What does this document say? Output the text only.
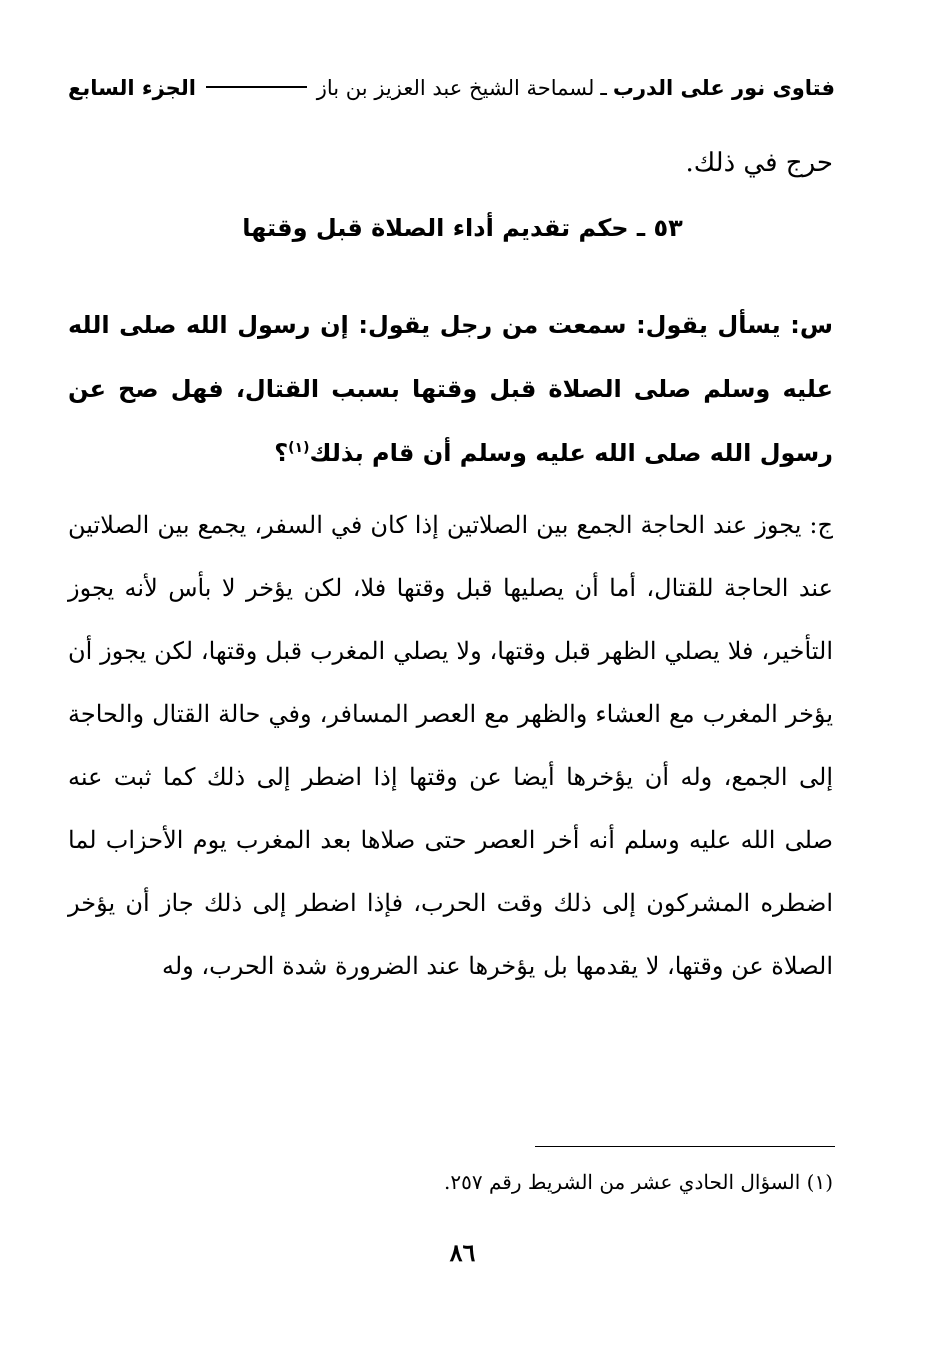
فتاوى نور على الدرب
ـ
لسماحة الشيخ عبد العزيز بن باز
الجزء السابع
حرج في ذلك.
٥٣ ـ حكم تقديم أداء الصلاة قبل وقتها
س: يسأل يقول: سمعت من رجل يقول: إن رسول الله صلى الله عليه وسلم صلى الصلاة قبل وقتها بسبب القتال، فهل صح عن رسول الله صلى الله عليه وسلم أن قام بذلك$^{(١)}$؟
ج: يجوز عند الحاجة الجمع بين الصلاتين إذا كان في السفر، يجمع بين الصلاتين عند الحاجة للقتال، أما أن يصليها قبل وقتها فلا، لكن يؤخر لا بأس لأنه يجوز التأخير، فلا يصلي الظهر قبل وقتها، ولا يصلي المغرب قبل وقتها، لكن يجوز أن يؤخر المغرب مع العشاء والظهر مع العصر المسافر، وفي حالة القتال والحاجة إلى الجمع، وله أن يؤخرها أيضا عن وقتها إذا اضطر إلى ذلك كما ثبت عنه صلى الله عليه وسلم أنه أخر العصر حتى صلاها بعد المغرب يوم الأحزاب لما اضطره المشركون إلى ذلك وقت الحرب، فإذا اضطر إلى ذلك جاز أن يؤخر الصلاة عن وقتها، لا يقدمها بل يؤخرها عند الضرورة شدة الحرب، وله
(١) السؤال الحادي عشر من الشريط رقم ٢٥٧.
٨٦
